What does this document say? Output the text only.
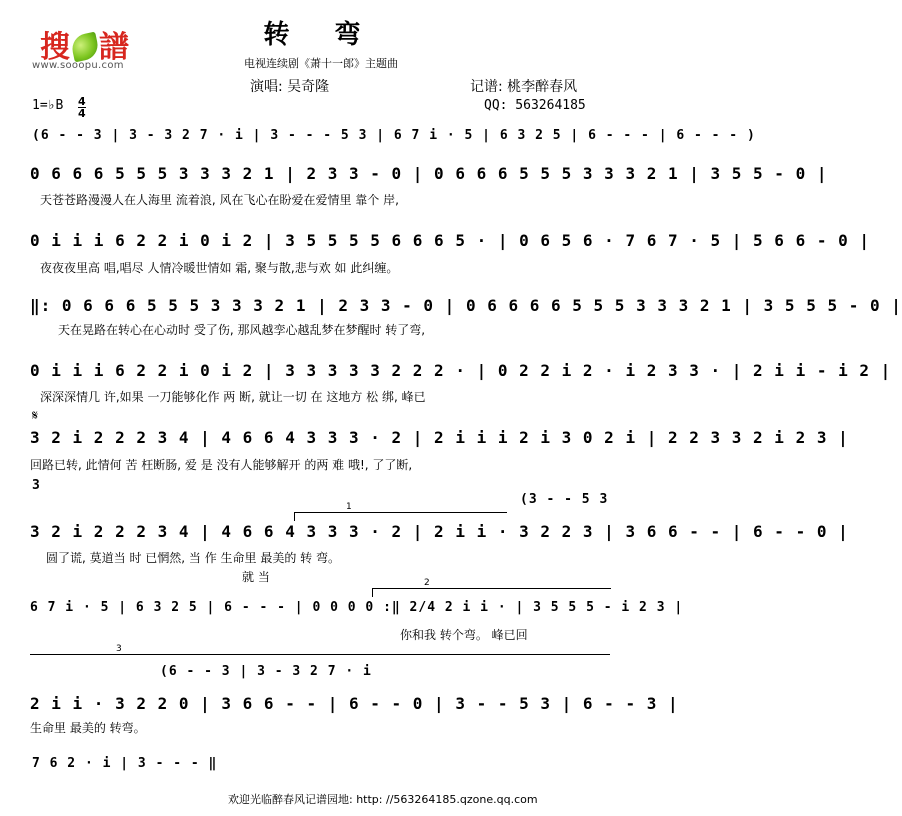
搜 譜
www.sooopu.com
转 弯
电视连续剧《萧十一郎》主题曲
演唱: 吴奇隆	记谱: 桃李醉春风
QQ: 563264185
1=♭B 4
4
(6 - - 3 | 3 - 3 2 7 · i | 3 - - - 5 3 | 6 7 i · 5 | 6 3 2 5 | 6 - - - | 6 - - - )
0 6 6 6 5 5 5 3 3 3 2 1 | 2 3 3 - 0 | 0 6 6 6 5 5 5 3 3 3 2 1 | 3 5 5 - 0 |
天苍苍路漫漫人在人海里 流着浪, 风在飞心在盼爱在爱情里 靠个 岸,
0 i i i 6 2 2 i 0 i 2 | 3 5 5 5 5 6 6 6 5 · | 0 6 5 6 · 7 6 7 · 5 | 5 6 6 - 0 |
夜夜夜里高 唱,唱尽 人情冷暖世情如 霜, 聚与散,悲与欢 如 此纠缠。
‖: 0 6 6 6 5 5 5 3 3 3 2 1 | 2 3 3 - 0 | 0 6 6 6 6 5 5 5 3 3 3 2 1 | 3 5 5 5 - 0 |
天在晃路在转心在心动时 受了伤, 那风越孪心越乱梦在梦醒时 转了弯,
0 i i i 6 2 2 i 0 i 2 | 3 3 3 3 3 2 2 2 · | 0 2 2 i 2 · i 2 3 3 · | 2 i i - i 2 |
深深深情几 许,如果 一刀能够化作 两 断, 就让一切 在 这地方 松 绑, 峰已
𝄋
3 2 i 2 2 2 3 4 | 4 6 6 4 3 3 3 · 2 | 2 i i i 2 i 3 0 2 i | 2 2 3 3 2 i 2 3 |
回路已转, 此情何 苦 枉断肠, 爱 是 没有人能够解开 的两 难 哦!, 了了断,
3
1	(3 - - 5 3
3 2 i 2 2 2 3 4 | 4 6 6 4 3 3 3 · 2 | 2 i i · 3 2 2 3 | 3 6 6 - - | 6 - - 0 |
圆了谎, 莫道当 时 已惘然, 当 作 生命里 最美的 转 弯。
就 当	2
6 7 i · 5 | 6 3 2 5 | 6 - - - | 0 0 0 0 :‖ 2/4 2 i i · | 3 5 5 5 - i 2 3 |
你和我 转个弯。 峰已回
3
(6 - - 3 | 3 - 3 2 7 · i
2 i i · 3 2 2 0 | 3 6 6 - - | 6 - - 0 | 3 - - 5 3 | 6 - - 3 |
生命里 最美的 转弯。
7 6 2 · i | 3 - - - ‖
欢迎光临醉春风记谱园地: http: //563264185.qzone.qq.com
